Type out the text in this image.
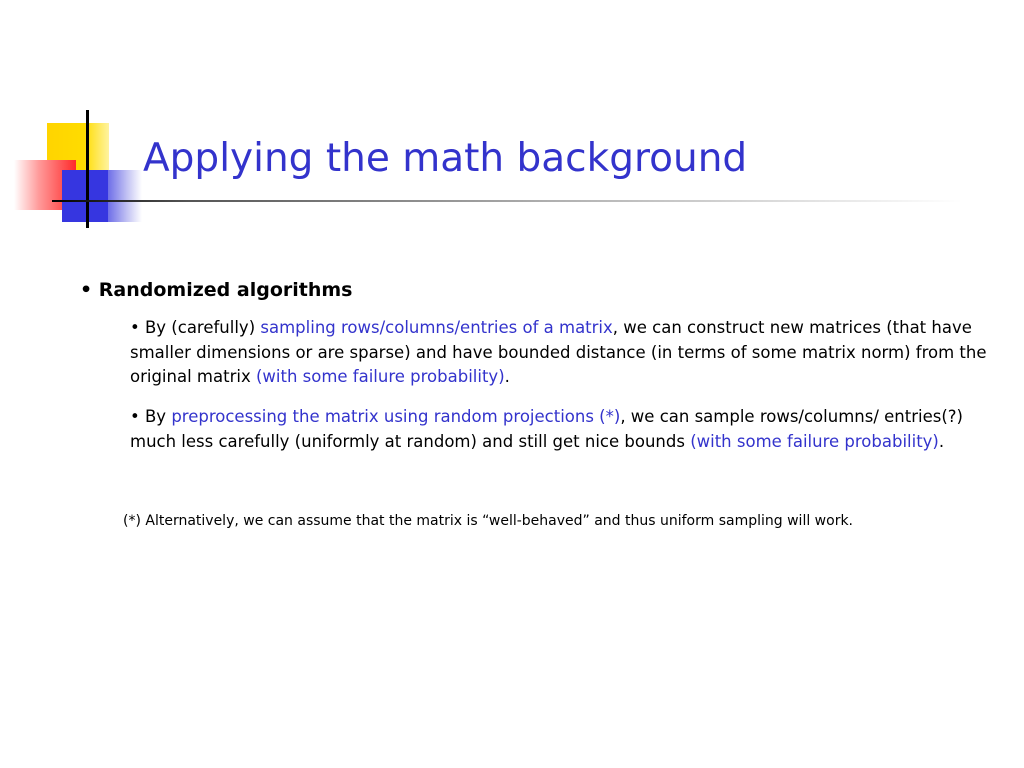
Applying the math background
• Randomized algorithms
• By (carefully) sampling rows/columns/entries of a matrix, we can construct new matrices (that have smaller dimensions or are sparse) and have bounded distance (in terms of some matrix norm) from the original matrix (with some failure probability).
• By preprocessing the matrix using random projections (*), we can sample rows/columns/ entries(?) much less carefully (uniformly at random) and still get nice bounds (with some failure probability).
(*) Alternatively, we can assume that the matrix is “well-behaved” and thus uniform sampling will work.
